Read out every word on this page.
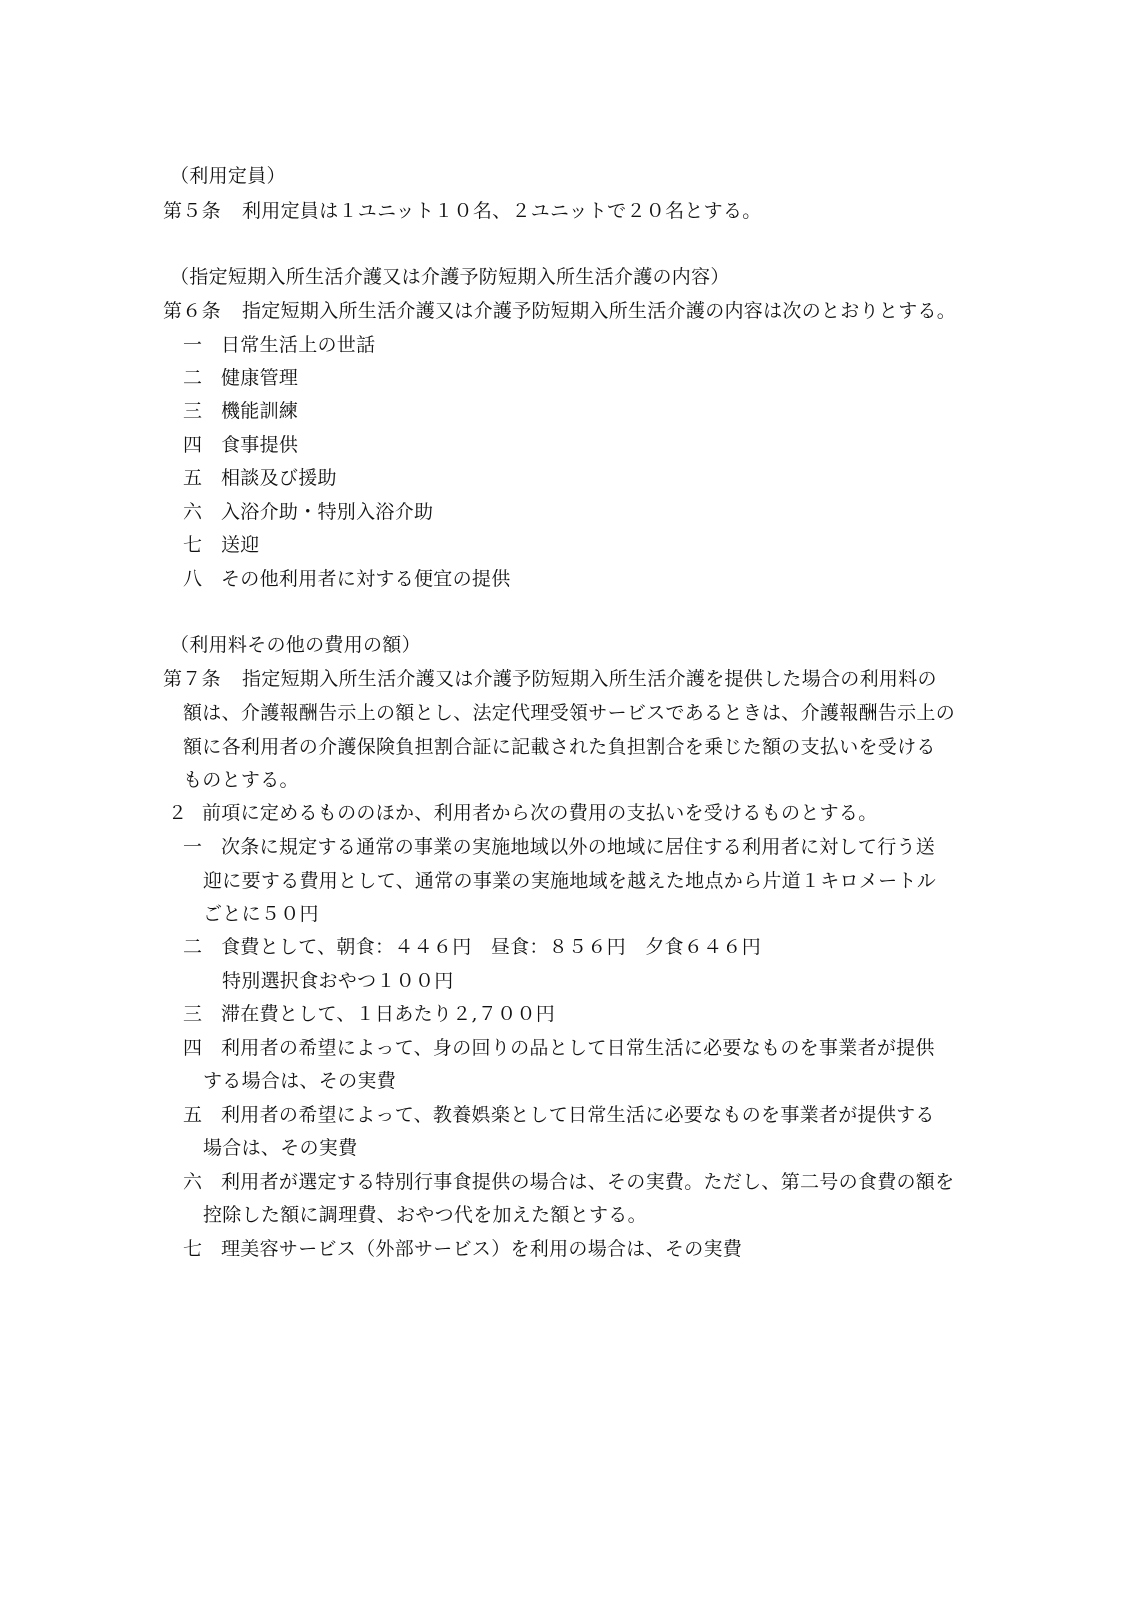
（利用定員）
第５条 利用定員は１ユニット１０名、２ユニットで２０名とする。
（指定短期入所生活介護又は介護予防短期入所生活介護の内容）
第６条 指定短期入所生活介護又は介護予防短期入所生活介護の内容は次のとおりとする。
一 日常生活上の世話
二 健康管理
三 機能訓練
四 食事提供
五 相談及び援助
六 入浴介助・特別入浴介助
七 送迎
八 その他利用者に対する便宜の提供
（利用料その他の費用の額）
第７条 指定短期入所生活介護又は介護予防短期入所生活介護を提供した場合の利用料の
額は、介護報酬告示上の額とし、法定代理受領サービスであるときは、介護報酬告示上の
額に各利用者の介護保険負担割合証に記載された負担割合を乗じた額の支払いを受ける
ものとする。
２ 前項に定めるもののほか、利用者から次の費用の支払いを受けるものとする。
一 次条に規定する通常の事業の実施地域以外の地域に居住する利用者に対して行う送
迎に要する費用として、通常の事業の実施地域を越えた地点から片道１キロメートル
ごとに５０円
二 食費として、朝食：４４６円　昼食：８５６円　夕食６４６円
特別選択食おやつ１００円
三 滞在費として、１日あたり２,７００円
四 利用者の希望によって、身の回りの品として日常生活に必要なものを事業者が提供
する場合は、その実費
五 利用者の希望によって、教養娯楽として日常生活に必要なものを事業者が提供する
場合は、その実費
六 利用者が選定する特別行事食提供の場合は、その実費。ただし、第二号の食費の額を
控除した額に調理費、おやつ代を加えた額とする。
七 理美容サービス（外部サービス）を利用の場合は、その実費
